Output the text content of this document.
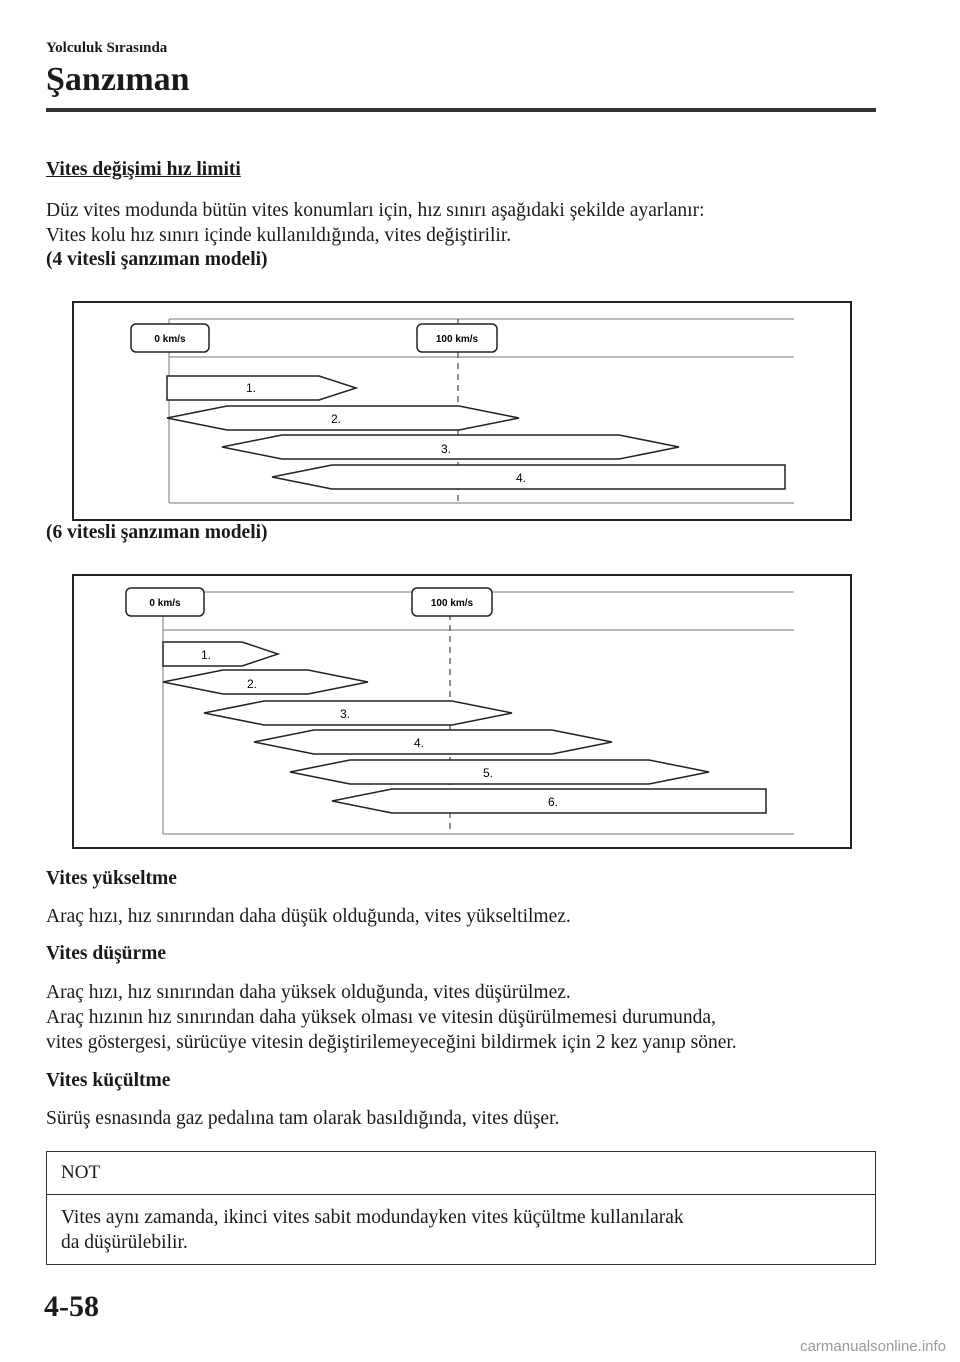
Yolculuk Sırasında
Şanzıman
Vites değişimi hız limiti
Düz vites modunda bütün vites konumları için, hız sınırı aşağıdaki şekilde ayarlanır:
Vites kolu hız sınırı içinde kullanıldığında, vites değiştirilir.
(4 vitesli şanzıman modeli)
0 km/s	100 km/s
1.
2.
3.
4.
(6 vitesli şanzıman modeli)
0 km/s	100 km/s
1.
2.
3.
4.
5.
6.
Vites yükseltme
Araç hızı, hız sınırından daha düşük olduğunda, vites yükseltilmez.
Vites düşürme
Araç hızı, hız sınırından daha yüksek olduğunda, vites düşürülmez.
Araç hızının hız sınırından daha yüksek olması ve vitesin düşürülmemesi durumunda,
vites göstergesi, sürücüye vitesin değiştirilemeyeceğini bildirmek için 2 kez yanıp söner.
Vites küçültme
Sürüş esnasında gaz pedalına tam olarak basıldığında, vites düşer.
NOT
Vites aynı zamanda, ikinci vites sabit modundayken vites küçültme kullanılarak
da düşürülebilir.
4-58
carmanualsonline.info
